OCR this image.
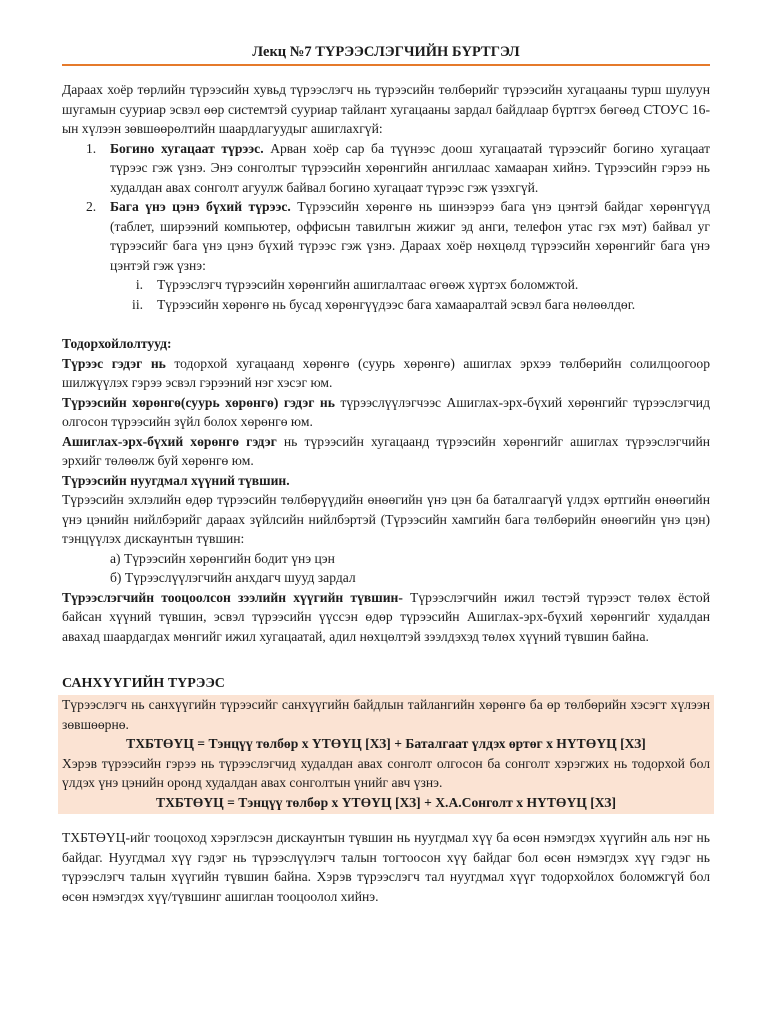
Лекц №7 ТҮРЭЭСЛЭГЧИЙН БҮРТГЭЛ

Дараах хоёр төрлийн түрээсийн хувьд түрээслэгч нь түрээсийн төлбөрийг түрээсийн хугацааны турш шулуун шугамын сууриар эсвэл өөр системтэй сууриар тайлант хугацааны зардал байдлаар бүртгэх бөгөөд СТОУС 16-ын хүлээн зөвшөөрөлтийн шаардлагуудыг ашиглахгүй:

1. Богино хугацаат түрээс. Арван хоёр сар ба түүнээс доош хугацаатай түрээсийг богино хугацаат түрээс гэж үзнэ. Энэ сонголтыг түрээсийн хөрөнгийн ангиллаас хамааран хийнэ. Түрээсийн гэрээ нь худалдан авах сонголт агуулж байвал богино хугацаат түрээс гэж үзэхгүй.

2. Бага үнэ цэнэ бүхий түрээс. Түрээсийн хөрөнгө нь шинээрээ бага үнэ цэнтэй байдаг хөрөнгүүд (таблет, ширээний компьютер, оффисын тавилгын жижиг эд анги, телефон утас гэх мэт) байвал уг түрээсийг бага үнэ цэнэ бүхий түрээс гэж үзнэ. Дараах хоёр нөхцөлд түрээсийн хөрөнгийг бага үнэ цэнтэй гэж үзнэ:

i. Түрээслэгч түрээсийн хөрөнгийн ашиглалтаас өгөөж хүртэх боломжтой.
ii. Түрээсийн хөрөнгө нь бусад хөрөнгүүдээс бага хамааралтай эсвэл бага нөлөөлдөг.

Тодорхойлолтууд:

Түрээс гэдэг нь тодорхой хугацаанд хөрөнгө (суурь хөрөнгө) ашиглах эрхээ төлбөрийн солилцоогоор шилжүүлэх гэрээ эсвэл гэрээний нэг хэсэг юм.

Түрээсийн хөрөнгө(суурь хөрөнгө) гэдэг нь түрээслүүлэгчээс Ашиглах-эрх-бүхий хөрөнгийг түрээслэгчид олгосон түрээсийн зүйл болох хөрөнгө юм.

Ашиглах-эрх-бүхий хөрөнгө гэдэг нь түрээсийн хугацаанд түрээсийн хөрөнгийг ашиглах түрээслэгчийн эрхийг төлөөлж буй хөрөнгө юм.

Түрээсийн нуугдмал хүүний түвшин.

Түрээсийн эхлэлийн өдөр түрээсийн төлбөрүүдийн өнөөгийн үнэ цэн ба баталгаагүй үлдэх өртгийн өнөөгийн үнэ цэнийн нийлбэрийг дараах зүйлсийн нийлбэртэй (Түрээсийн хамгийн бага төлбөрийн өнөөгийн үнэ цэн) тэнцүүлэх дискаунтын түвшин:

а) Түрээсийн хөрөнгийн бодит үнэ цэн

б) Түрээслүүлэгчийн анхдагч шууд зардал

Түрээслэгчийн тооцоолсон зээлийн хүүгийн түвшин- Түрээслэгчийн ижил төстэй түрээст төлөх ёстой байсан хүүний түвшин, эсвэл түрээсийн үүссэн өдөр түрээсийн Ашиглах-эрх-бүхий хөрөнгийг худалдан авахад шаардагдах мөнгийг ижил хугацаатай, адил нөхцөлтэй зээлдэхэд төлөх хүүний түвшин байна.

САНХҮҮГИЙН ТҮРЭЭС

Түрээслэгч нь санхүүгийн түрээсийг санхүүгийн байдлын тайлангийн хөрөнгө ба өр төлбөрийн хэсэгт хүлээн зөвшөөрнө.

ТХБТӨҮЦ = Тэнцүү төлбөр x ҮТӨҮЦ [ХЗ] + Баталгаат үлдэх өртөг x НҮТӨҮЦ [ХЗ]

Хэрэв түрээсийн гэрээ нь түрээслэгчид худалдан авах сонголт олгосон ба сонголт хэрэгжих нь тодорхой бол үлдэх үнэ цэнийн оронд худалдан авах сонголтын үнийг авч үзнэ.

ТХБТӨҮЦ = Тэнцүү төлбөр x ҮТӨҮЦ [ХЗ] + Х.А.Сонголт x НҮТӨҮЦ [ХЗ]

ТХБТӨҮЦ-ийг тооцоход хэрэглэсэн дискаунтын түвшин нь нуугдмал хүү ба өсөн нэмэгдэх хүүгийн аль нэг нь байдаг. Нуугдмал хүү гэдэг нь түрээслүүлэгч талын тогтоосон хүү байдаг бол өсөн нэмэгдэх хүү гэдэг нь түрээслэгч талын хүүгийн түвшин байна. Хэрэв түрээслэгч тал нуугдмал хүүг тодорхойлох боломжгүй бол өсөн нэмэгдэх хүү/түвшинг ашиглан тооцоолол хийнэ.
